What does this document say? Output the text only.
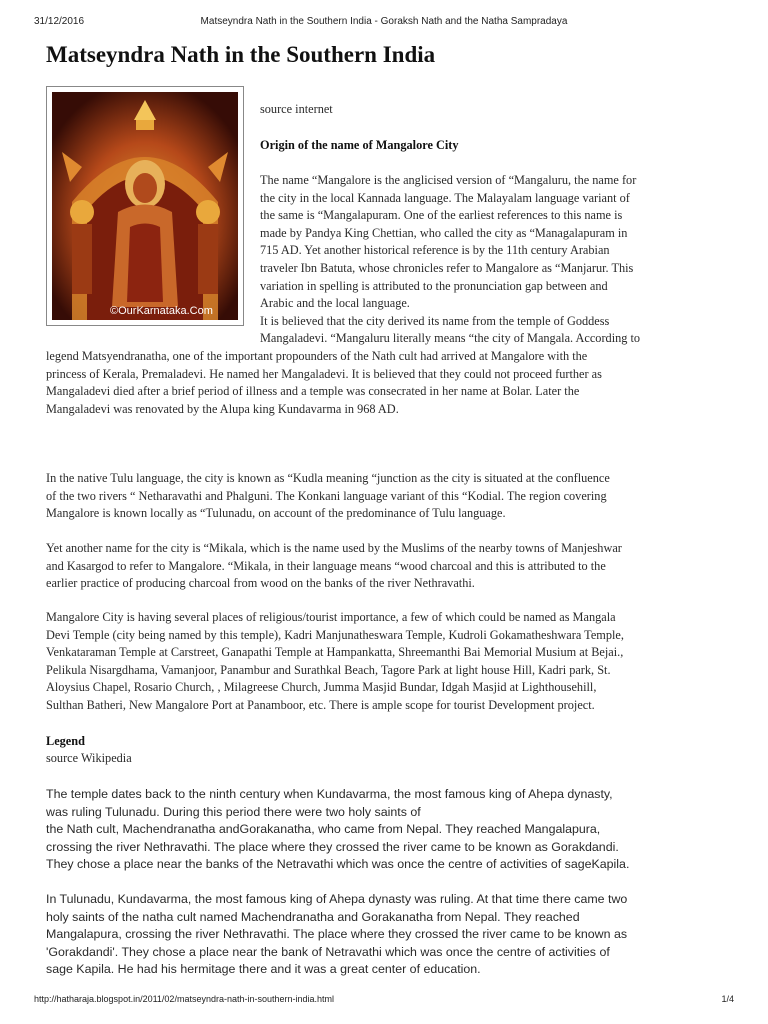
31/12/2016	Matseyndra Nath in the Southern India - Goraksh Nath and the Natha Sampradaya
Matseyndra Nath in the Southern India
©OurKarnataka.Com
source internet
Origin of the name of Mangalore City
The name “Mangalore is the anglicised version of “Mangaluru, the name for
the city in the local Kannada language. The Malayalam language variant of
the same is “Mangalapuram. One of the earliest references to this name is
made by Pandya King Chettian, who called the city as “Managalapuram in
715 AD. Yet another historical reference is by the 11th century Arabian
traveler Ibn Batuta, whose chronicles refer to Mangalore as “Manjarur. This
variation in spelling is attributed to the pronunciation gap between and
Arabic and the local language.
It is believed that the city derived its name from the temple of Goddess
Mangaladevi. “Mangaluru literally means “the city of Mangala. According to
legend Matsyendranatha, one of the important propounders of the Nath cult had arrived at Mangalore with the
princess of Kerala, Premaladevi. He named her Mangaladevi. It is believed that they could not proceed further as
Mangaladevi died after a brief period of illness and a temple was consecrated in her name at Bolar. Later the
Mangaladevi was renovated by the Alupa king Kundavarma in 968 AD.
In the native Tulu language, the city is known as “Kudla meaning “junction as the city is situated at the confluence
of the two rivers “ Netharavathi and Phalguni. The Konkani language variant of this “Kodial. The region covering
Mangalore is known locally as “Tulunadu, on account of the predominance of Tulu language.
Yet another name for the city is “Mikala, which is the name used by the Muslims of the nearby towns of Manjeshwar
and Kasargod to refer to Mangalore. “Mikala, in their language means “wood charcoal and this is attributed to the
earlier practice of producing charcoal from wood on the banks of the river Nethravathi.
Mangalore City is having several places of religious/tourist importance, a few of which could be named as Mangala
Devi Temple (city being named by this temple), Kadri Manjunatheswara Temple, Kudroli Gokamatheshwara Temple,
Venkataraman Temple at Carstreet, Ganapathi Temple at Hampankatta, Shreemanthi Bai Memorial Musium at Bejai.,
Pelikula Nisargdhama, Vamanjoor, Panambur and Surathkal Beach, Tagore Park at light house Hill, Kadri park, St.
Aloysius Chapel, Rosario Church, , Milagreese Church, Jumma Masjid Bundar, Idgah Masjid at Lighthousehill,
Sulthan Batheri, New Mangalore Port at Panamboor, etc. There is ample scope for tourist Development project.
Legend
source Wikipedia
The temple dates back to the ninth century when Kundavarma, the most famous king of Ahepa dynasty,
was ruling Tulunadu. During this period there were two holy saints of
the Nath cult, Machendranatha andGorakanatha, who came from Nepal. They reached Mangalapura,
crossing the river Nethravathi. The place where they crossed the river came to be known as Gorakdandi.
They chose a place near the banks of the Netravathi which was once the centre of activities of sageKapila.
In Tulunadu, Kundavarma, the most famous king of Ahepa dynasty was ruling. At that time there came two
holy saints of the natha cult named Machendranatha and Gorakanatha from Nepal. They reached
Mangalapura, crossing the river Nethravathi. The place where they crossed the river came to be known as
'Gorakdandi'. They chose a place near the bank of Netravathi which was once the centre of activities of
sage Kapila. He had his hermitage there and it was a great center of education.
http://hatharaja.blogspot.in/2011/02/matseyndra-nath-in-southern-india.html	1/4
